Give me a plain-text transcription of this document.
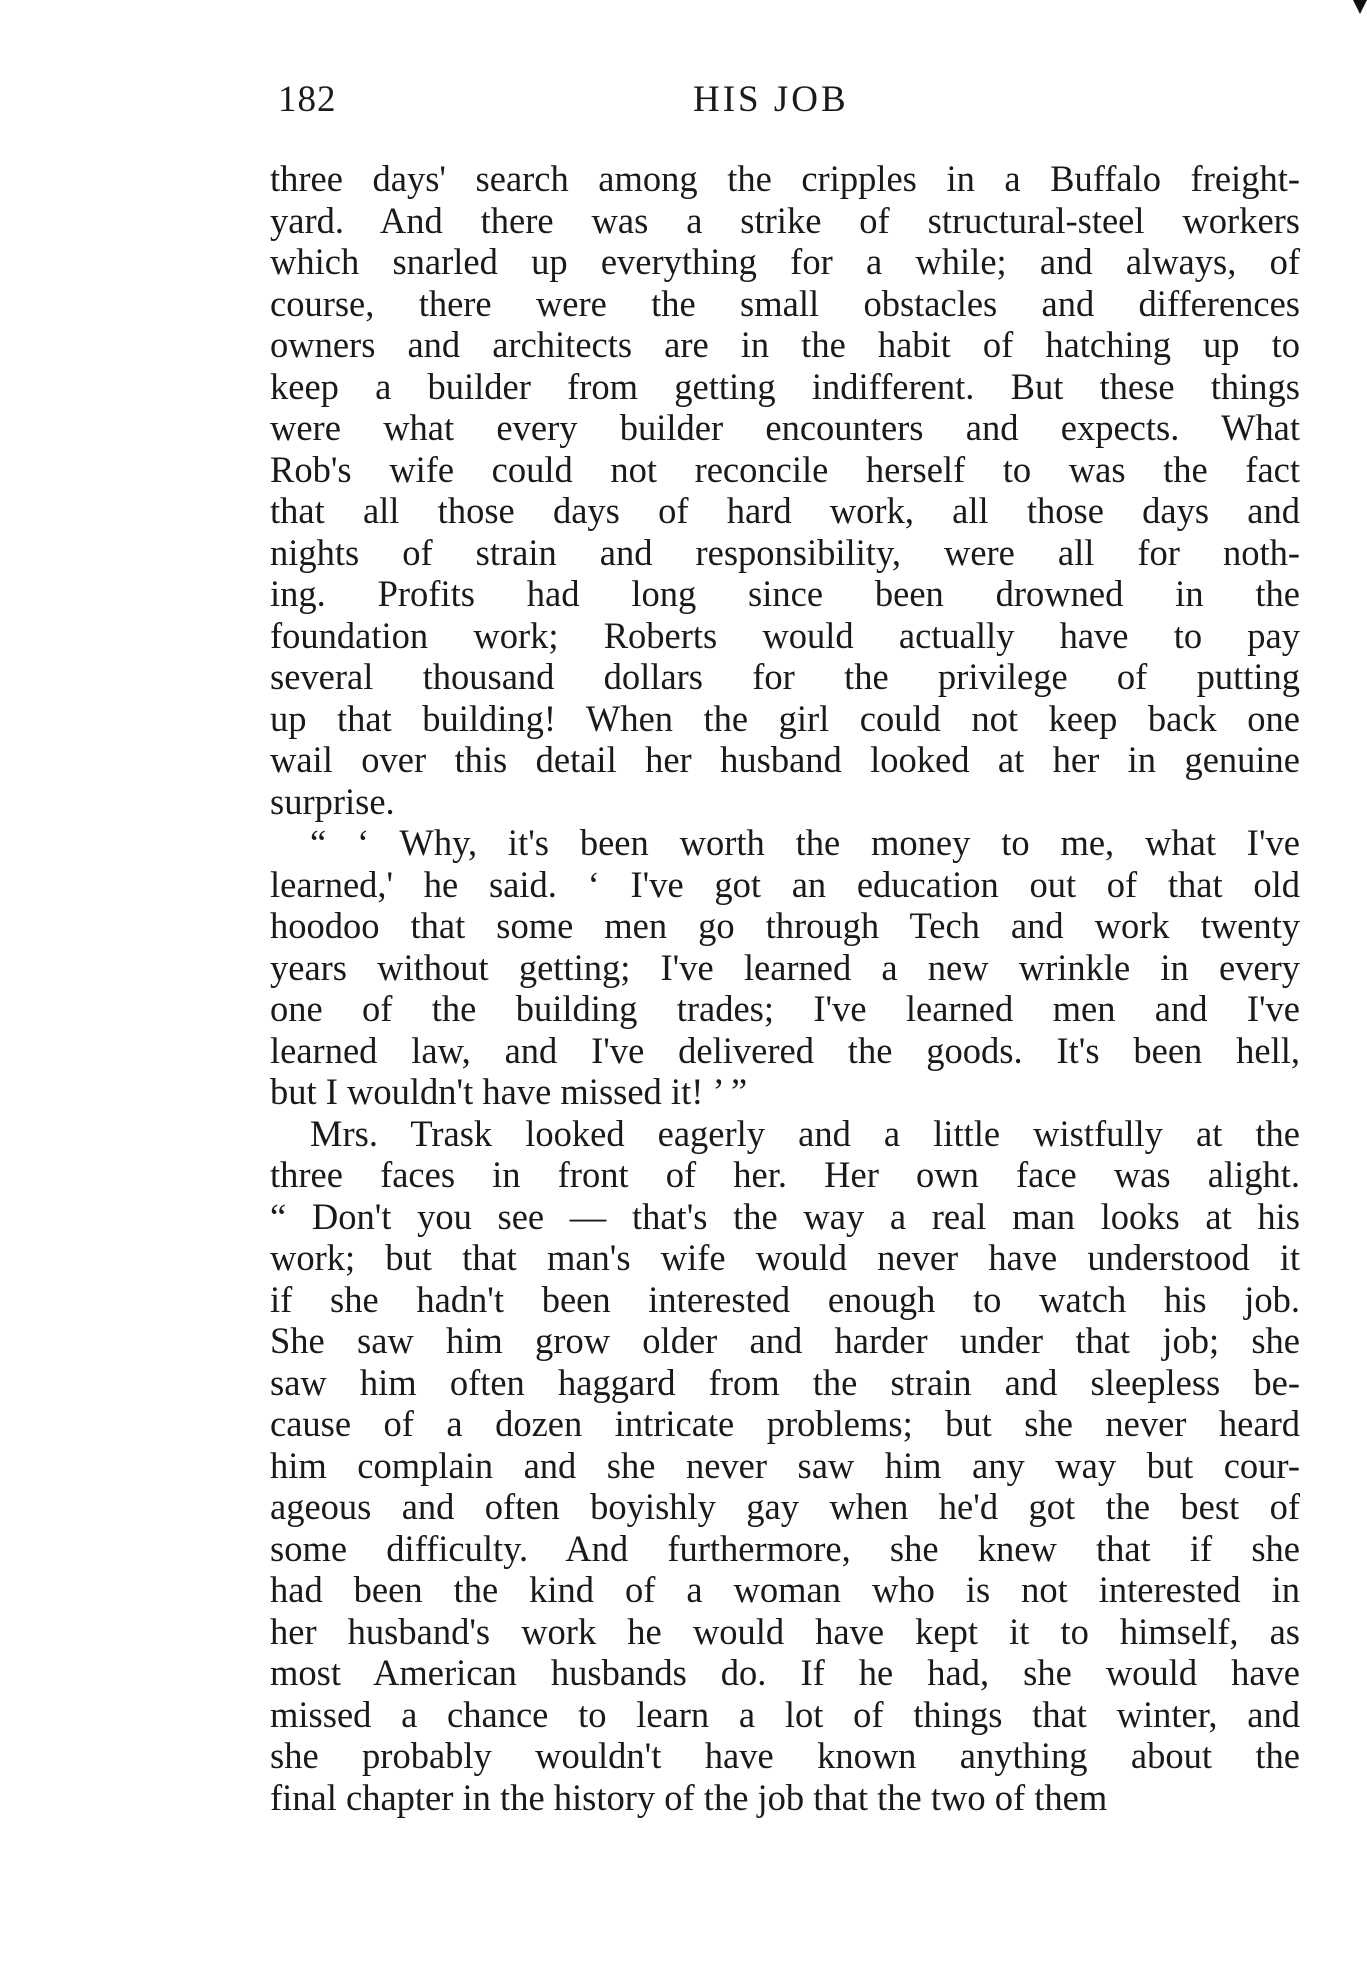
182	HIS JOB
three days' search among the cripples in a Buffalo freight-
yard. And there was a strike of structural-steel workers
which snarled up everything for a while; and always, of
course, there were the small obstacles and differences
owners and architects are in the habit of hatching up to
keep a builder from getting indifferent. But these things
were what every builder encounters and expects. What
Rob's wife could not reconcile herself to was the fact
that all those days of hard work, all those days and
nights of strain and responsibility, were all for noth-
ing. Profits had long since been drowned in the
foundation work; Roberts would actually have to pay
several thousand dollars for the privilege of putting
up that building! When the girl could not keep back one
wail over this detail her husband looked at her in genuine
surprise.
“ ‘ Why, it's been worth the money to me, what I've
learned,' he said. ‘ I've got an education out of that old
hoodoo that some men go through Tech and work twenty
years without getting; I've learned a new wrinkle in every
one of the building trades; I've learned men and I've
learned law, and I've delivered the goods. It's been hell,
but I wouldn't have missed it! ’ ”
Mrs. Trask looked eagerly and a little wistfully at the
three faces in front of her. Her own face was alight.
“ Don't you see — that's the way a real man looks at his
work; but that man's wife would never have understood it
if she hadn't been interested enough to watch his job.
She saw him grow older and harder under that job; she
saw him often haggard from the strain and sleepless be-
cause of a dozen intricate problems; but she never heard
him complain and she never saw him any way but cour-
ageous and often boyishly gay when he'd got the best of
some difficulty. And furthermore, she knew that if she
had been the kind of a woman who is not interested in
her husband's work he would have kept it to himself, as
most American husbands do. If he had, she would have
missed a chance to learn a lot of things that winter, and
she probably wouldn't have known anything about the
final chapter in the history of the job that the two of them
